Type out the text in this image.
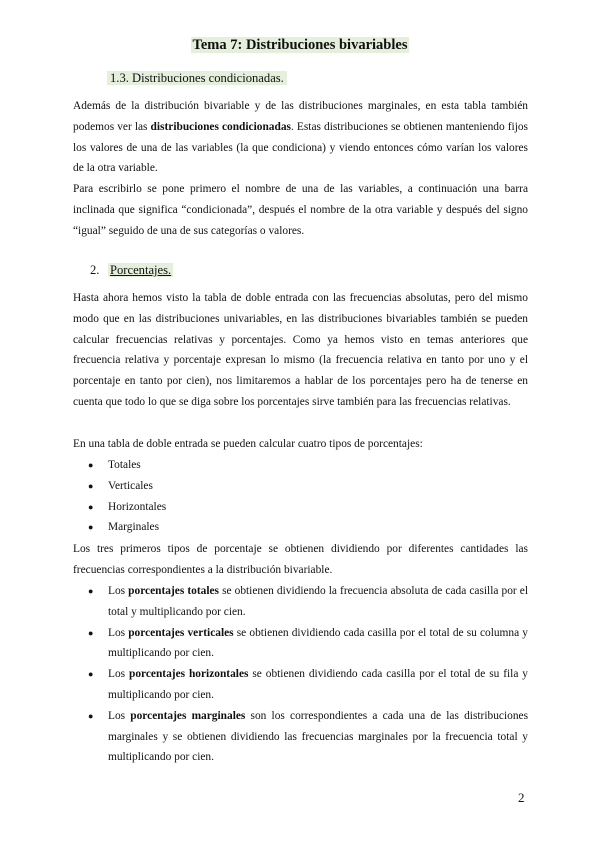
Tema 7: Distribuciones bivariables
1.3. Distribuciones condicionadas.
Además de la distribución bivariable y de las distribuciones marginales, en esta tabla también podemos ver las distribuciones condicionadas. Estas distribuciones se obtienen manteniendo fijos los valores de una de las variables (la que condiciona) y viendo entonces cómo varían los valores de la otra variable.
Para escribirlo se pone primero el nombre de una de las variables, a continuación una barra inclinada que significa “condicionada”, después el nombre de la otra variable y después del signo “igual” seguido de una de sus categorías o valores.
2. Porcentajes.
Hasta ahora hemos visto la tabla de doble entrada con las frecuencias absolutas, pero del mismo modo que en las distribuciones univariables, en las distribuciones bivariables también se pueden calcular frecuencias relativas y porcentajes. Como ya hemos visto en temas anteriores que frecuencia relativa y porcentaje expresan lo mismo (la frecuencia relativa en tanto por uno y el porcentaje en tanto por cien), nos limitaremos a hablar de los porcentajes pero ha de tenerse en cuenta que todo lo que se diga sobre los porcentajes sirve también para las frecuencias relativas.
En una tabla de doble entrada se pueden calcular cuatro tipos de porcentajes:
● Totales
● Verticales
● Horizontales
● Marginales
Los tres primeros tipos de porcentaje se obtienen dividiendo por diferentes cantidades las frecuencias correspondientes a la distribución bivariable.
● Los porcentajes totales se obtienen dividiendo la frecuencia absoluta de cada casilla por el total y multiplicando por cien.
● Los porcentajes verticales se obtienen dividiendo cada casilla por el total de su columna y multiplicando por cien.
● Los porcentajes horizontales se obtienen dividiendo cada casilla por el total de su fila y multiplicando por cien.
● Los porcentajes marginales son los correspondientes a cada una de las distribuciones marginales y se obtienen dividiendo las frecuencias marginales por la frecuencia total y multiplicando por cien.
2
